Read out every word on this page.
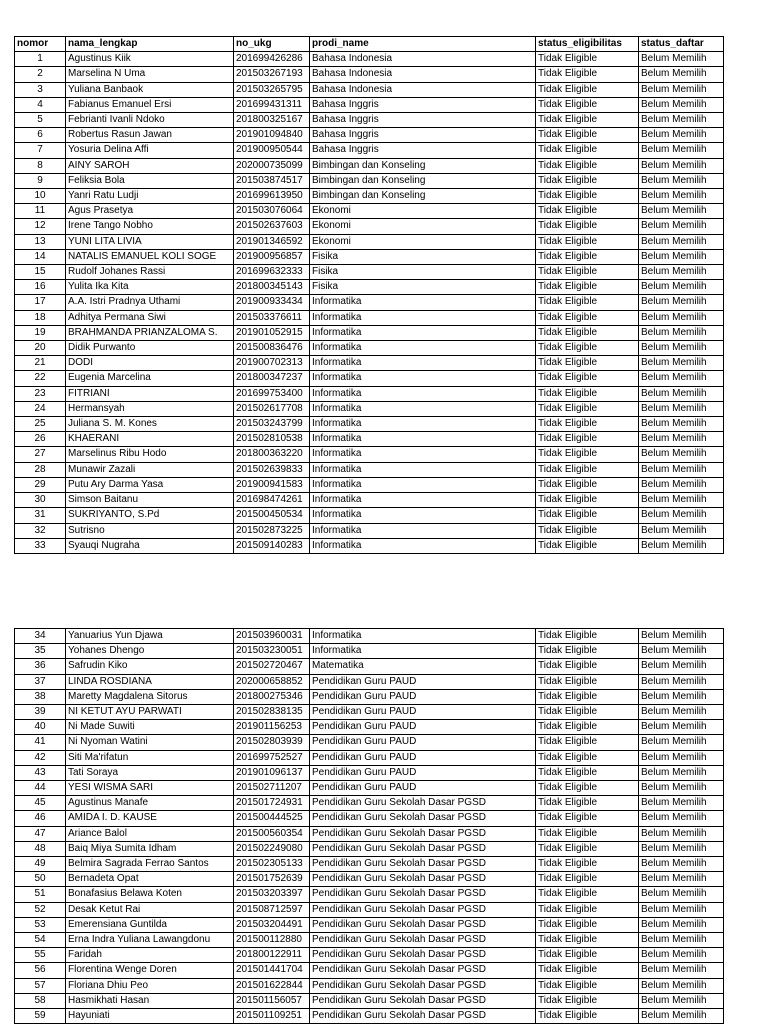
nomor	nama_lengkap	no_ukg	prodi_name	status_eligibilitas	status_daftar
1	Agustinus Kiik	201699426286	Bahasa Indonesia	Tidak Eligible	Belum Memilih
2	Marselina N Uma	201503267193	Bahasa Indonesia	Tidak Eligible	Belum Memilih
3	Yuliana Banbaok	201503265795	Bahasa Indonesia	Tidak Eligible	Belum Memilih
4	Fabianus Emanuel Ersi	201699431311	Bahasa Inggris	Tidak Eligible	Belum Memilih
5	Febrianti Ivanli Ndoko	201800325167	Bahasa Inggris	Tidak Eligible	Belum Memilih
6	Robertus Rasun Jawan	201901094840	Bahasa Inggris	Tidak Eligible	Belum Memilih
7	Yosuria Delina Affi	201900950544	Bahasa Inggris	Tidak Eligible	Belum Memilih
8	AINY SAROH	202000735099	Bimbingan dan Konseling	Tidak Eligible	Belum Memilih
9	Feliksia Bola	201503874517	Bimbingan dan Konseling	Tidak Eligible	Belum Memilih
10	Yanri Ratu Ludji	201699613950	Bimbingan dan Konseling	Tidak Eligible	Belum Memilih
11	Agus Prasetya	201503076064	Ekonomi	Tidak Eligible	Belum Memilih
12	Irene Tango Nobho	201502637603	Ekonomi	Tidak Eligible	Belum Memilih
13	YUNI LITA LIVIA	201901346592	Ekonomi	Tidak Eligible	Belum Memilih
14	NATALIS EMANUEL KOLI SOGE	201900956857	Fisika	Tidak Eligible	Belum Memilih
15	Rudolf Johanes Rassi	201699632333	Fisika	Tidak Eligible	Belum Memilih
16	Yulita Ika Kita	201800345143	Fisika	Tidak Eligible	Belum Memilih
17	A.A. Istri Pradnya Uthami	201900933434	Informatika	Tidak Eligible	Belum Memilih
18	Adhitya Permana Siwi	201503376611	Informatika	Tidak Eligible	Belum Memilih
19	BRAHMANDA PRIANZALOMA S.	201901052915	Informatika	Tidak Eligible	Belum Memilih
20	Didik Purwanto	201500836476	Informatika	Tidak Eligible	Belum Memilih
21	DODI	201900702313	Informatika	Tidak Eligible	Belum Memilih
22	Eugenia Marcelina	201800347237	Informatika	Tidak Eligible	Belum Memilih
23	FITRIANI	201699753400	Informatika	Tidak Eligible	Belum Memilih
24	Hermansyah	201502617708	Informatika	Tidak Eligible	Belum Memilih
25	Juliana S. M. Kones	201503243799	Informatika	Tidak Eligible	Belum Memilih
26	KHAERANI	201502810538	Informatika	Tidak Eligible	Belum Memilih
27	Marselinus Ribu Hodo	201800363220	Informatika	Tidak Eligible	Belum Memilih
28	Munawir Zazali	201502639833	Informatika	Tidak Eligible	Belum Memilih
29	Putu Ary Darma Yasa	201900941583	Informatika	Tidak Eligible	Belum Memilih
30	Simson Baitanu	201698474261	Informatika	Tidak Eligible	Belum Memilih
31	SUKRIYANTO, S.Pd	201500450534	Informatika	Tidak Eligible	Belum Memilih
32	Sutrisno	201502873225	Informatika	Tidak Eligible	Belum Memilih
33	Syauqi Nugraha	201509140283	Informatika	Tidak Eligible	Belum Memilih
34	Yanuarius Yun Djawa	201503960031	Informatika	Tidak Eligible	Belum Memilih
35	Yohanes Dhengo	201503230051	Informatika	Tidak Eligible	Belum Memilih
36	Safrudin Kiko	201502720467	Matematika	Tidak Eligible	Belum Memilih
37	LINDA ROSDIANA	202000658852	Pendidikan Guru PAUD	Tidak Eligible	Belum Memilih
38	Maretty Magdalena Sitorus	201800275346	Pendidikan Guru PAUD	Tidak Eligible	Belum Memilih
39	NI KETUT AYU PARWATI	201502838135	Pendidikan Guru PAUD	Tidak Eligible	Belum Memilih
40	Ni Made Suwiti	201901156253	Pendidikan Guru PAUD	Tidak Eligible	Belum Memilih
41	Ni Nyoman Watini	201502803939	Pendidikan Guru PAUD	Tidak Eligible	Belum Memilih
42	Siti Ma'rifatun	201699752527	Pendidikan Guru PAUD	Tidak Eligible	Belum Memilih
43	Tati Soraya	201901096137	Pendidikan Guru PAUD	Tidak Eligible	Belum Memilih
44	YESI WISMA SARI	201502711207	Pendidikan Guru PAUD	Tidak Eligible	Belum Memilih
45	Agustinus Manafe	201501724931	Pendidikan Guru Sekolah Dasar PGSD	Tidak Eligible	Belum Memilih
46	AMIDA I. D. KAUSE	201500444525	Pendidikan Guru Sekolah Dasar PGSD	Tidak Eligible	Belum Memilih
47	Ariance Balol	201500560354	Pendidikan Guru Sekolah Dasar PGSD	Tidak Eligible	Belum Memilih
48	Baiq Miya Sumita Idham	201502249080	Pendidikan Guru Sekolah Dasar PGSD	Tidak Eligible	Belum Memilih
49	Belmira Sagrada Ferrao Santos	201502305133	Pendidikan Guru Sekolah Dasar PGSD	Tidak Eligible	Belum Memilih
50	Bernadeta Opat	201501752639	Pendidikan Guru Sekolah Dasar PGSD	Tidak Eligible	Belum Memilih
51	Bonafasius Belawa Koten	201503203397	Pendidikan Guru Sekolah Dasar PGSD	Tidak Eligible	Belum Memilih
52	Desak Ketut Rai	201508712597	Pendidikan Guru Sekolah Dasar PGSD	Tidak Eligible	Belum Memilih
53	Emerensiana Guntilda	201503204491	Pendidikan Guru Sekolah Dasar PGSD	Tidak Eligible	Belum Memilih
54	Erna Indra Yuliana Lawangdonu	201500112880	Pendidikan Guru Sekolah Dasar PGSD	Tidak Eligible	Belum Memilih
55	Faridah	201800122911	Pendidikan Guru Sekolah Dasar PGSD	Tidak Eligible	Belum Memilih
56	Florentina Wenge Doren	201501441704	Pendidikan Guru Sekolah Dasar PGSD	Tidak Eligible	Belum Memilih
57	Floriana Dhiu Peo	201501622844	Pendidikan Guru Sekolah Dasar PGSD	Tidak Eligible	Belum Memilih
58	Hasmikhati Hasan	201501156057	Pendidikan Guru Sekolah Dasar PGSD	Tidak Eligible	Belum Memilih
59	Hayuniati	201501109251	Pendidikan Guru Sekolah Dasar PGSD	Tidak Eligible	Belum Memilih
